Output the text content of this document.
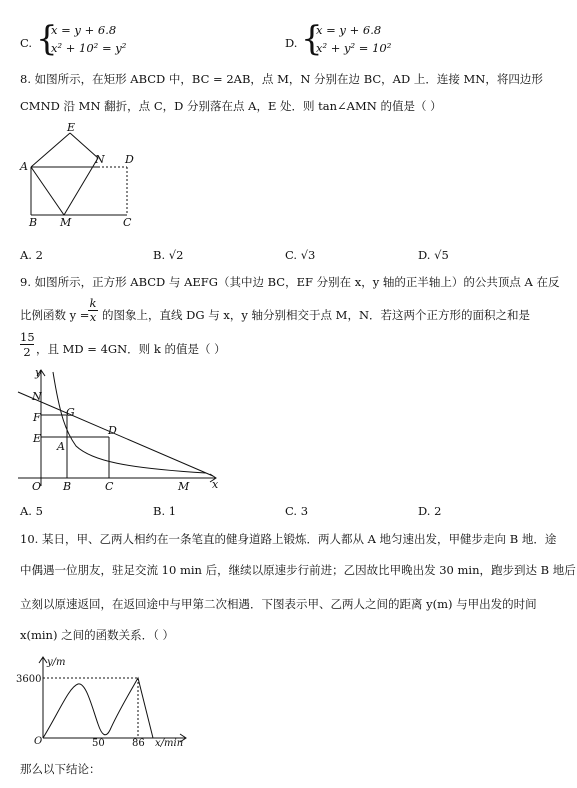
C. {
x = y + 6.8
x² + 10² = y²	D. {
x = y + 6.8
x² + y² = 10²
8. 如图所示，在矩形 ABCD 中，BC = 2AB，点 M，N 分别在边 BC，AD 上．连接 MN，将四边形
CMND 沿 MN 翻折，点 C，D 分别落在点 A，E 处．则 tan∠AMN 的值是（ ）
E
A
N D
B M	C
A. 2	B. √2	C. √3	D. √5
9. 如图所示，正方形 ABCD 与 AEFG（其中边 BC，EF 分别在 x，y 轴的正半轴上）的公共顶点 A 在反
比例函数 y =
k
x 的图象上，直线 DG 与 x，y 轴分别相交于点 M，N．若这两个正方形的面积之和是
15
2 ，且 MD = 4GN．则 k 的值是（ ）
y
N
F G
E
D
A
O B	C	M x
A. 5	B. 1	C. 3	D. 2
10. 某日，甲、乙两人相约在一条笔直的健身道路上锻炼．两人都从 A 地匀速出发，甲健步走向 B 地．途
中偶遇一位朋友，驻足交流 10 min 后，继续以原速步行前进；乙因故比甲晚出发 30 min，跑步到达 B 地后
立刻以原速返回，在返回途中与甲第二次相遇．下图表示甲、乙两人之间的距离 y(m) 与甲出发的时间
x(min) 之间的函数关系．（ ）
y/m
3600
O	50	86 x/min
那么以下结论：
